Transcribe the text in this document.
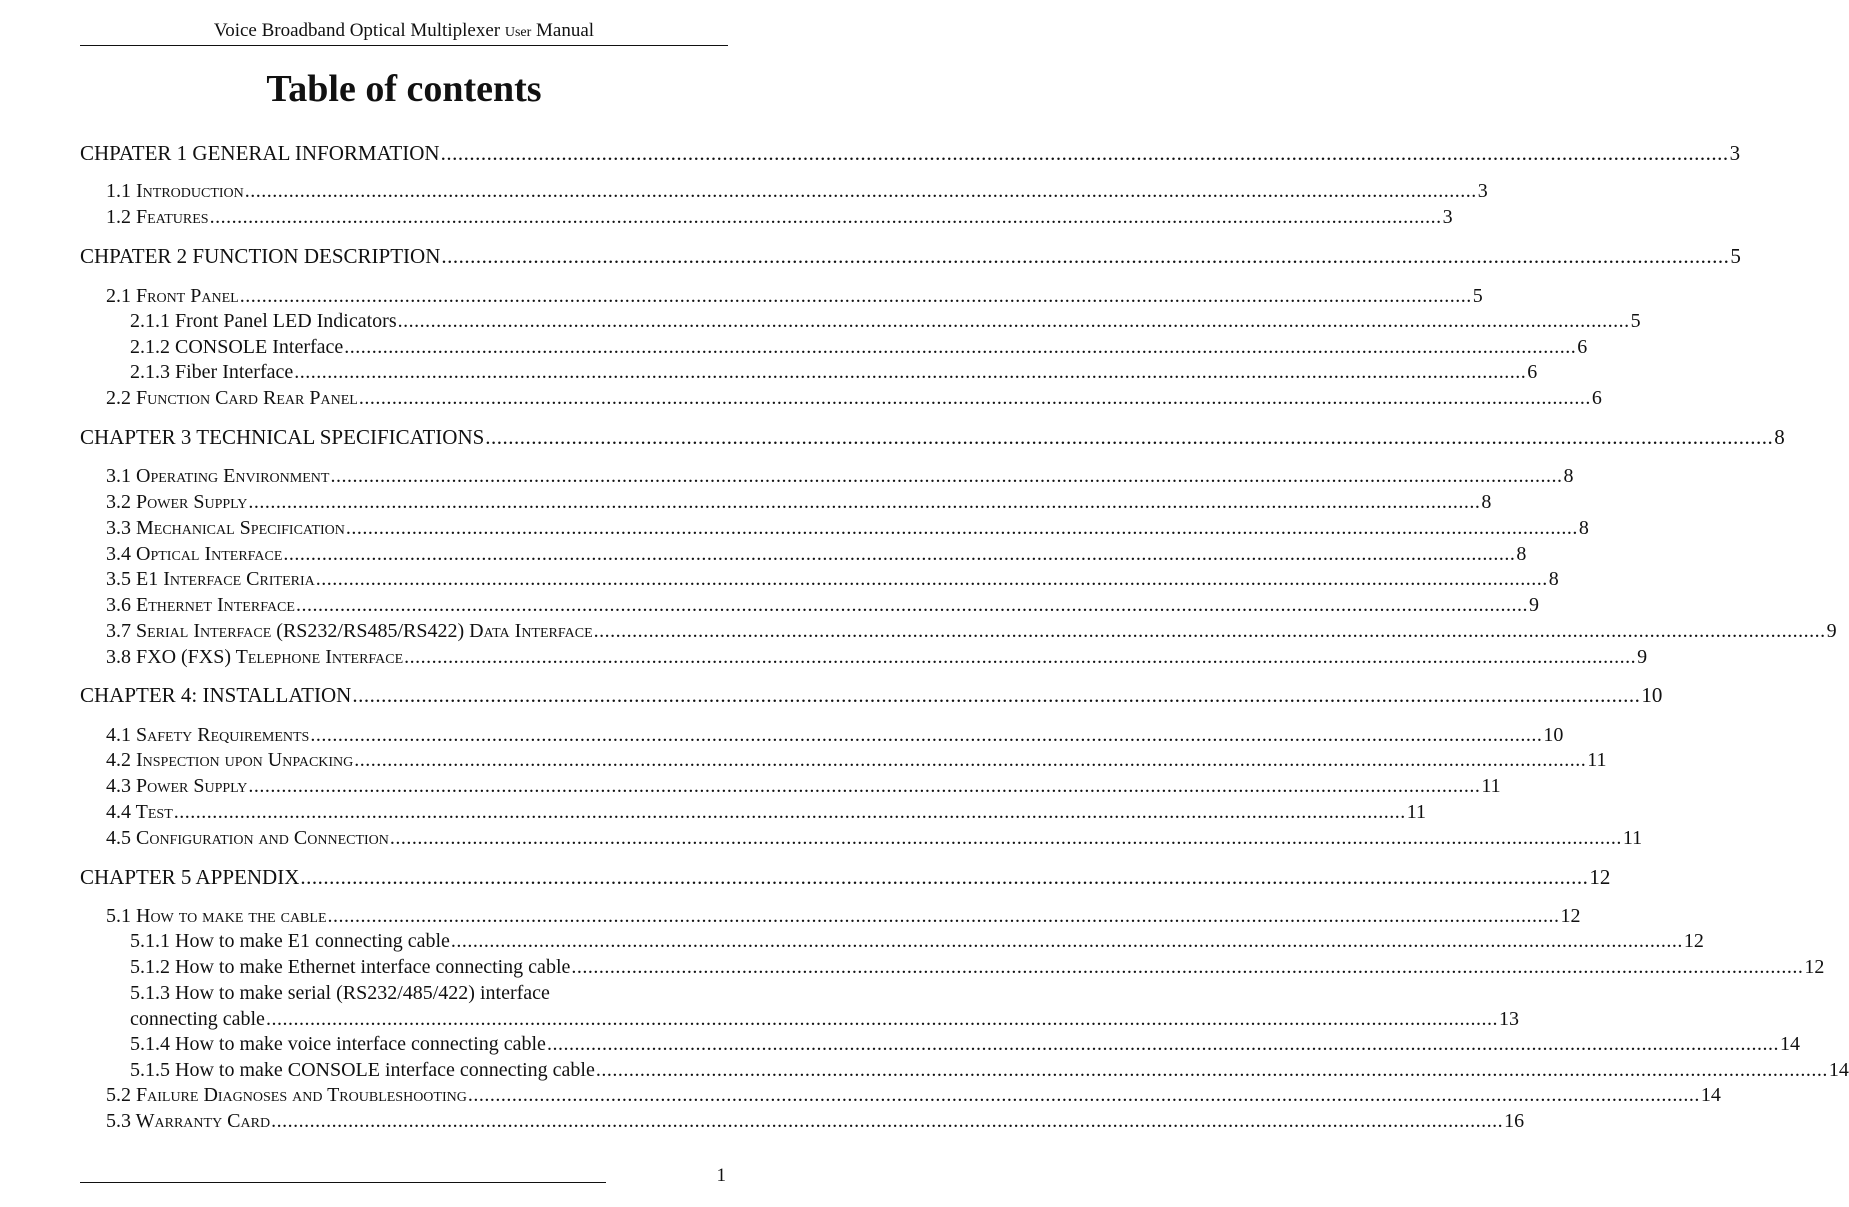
Voice Broadband Optical Multiplexer User Manual
Table of contents
CHPATER 1 GENERAL INFORMATION ................................................................................................................................................................................................................................ 3
1.1 Introduction ................................................................................................................................................................................................................................ 3
1.2 Features ................................................................................................................................................................................................................................ 3
CHPATER 2 FUNCTION DESCRIPTION ................................................................................................................................................................................................................................ 5
2.1 Front Panel ................................................................................................................................................................................................................................ 5
2.1.1 Front Panel LED Indicators ................................................................................................................................................................................................................................ 5
2.1.2 CONSOLE Interface ................................................................................................................................................................................................................................ 6
2.1.3 Fiber Interface ................................................................................................................................................................................................................................ 6
2.2 Function Card Rear Panel ................................................................................................................................................................................................................................ 6
CHAPTER 3 TECHNICAL SPECIFICATIONS ................................................................................................................................................................................................................................ 8
3.1 Operating Environment ................................................................................................................................................................................................................................ 8
3.2 Power Supply ................................................................................................................................................................................................................................ 8
3.3 Mechanical Specification ................................................................................................................................................................................................................................ 8
3.4 Optical Interface ................................................................................................................................................................................................................................ 8
3.5 E1 Interface Criteria ................................................................................................................................................................................................................................ 8
3.6 Ethernet Interface ................................................................................................................................................................................................................................ 9
3.7 Serial Interface (RS232/RS485/RS422) Data Interface ................................................................................................................................................................................................................................ 9
3.8 FXO (FXS) Telephone Interface ................................................................................................................................................................................................................................ 9
CHAPTER 4: INSTALLATION ................................................................................................................................................................................................................................ 10
4.1 Safety Requirements ................................................................................................................................................................................................................................ 10
4.2 Inspection upon Unpacking ................................................................................................................................................................................................................................ 11
4.3 Power Supply ................................................................................................................................................................................................................................ 11
4.4 Test ................................................................................................................................................................................................................................ 11
4.5 Configuration and Connection ................................................................................................................................................................................................................................ 11
CHAPTER 5 APPENDIX ................................................................................................................................................................................................................................ 12
5.1 How to make the cable ................................................................................................................................................................................................................................ 12
5.1.1 How to make E1 connecting cable ................................................................................................................................................................................................................................ 12
5.1.2 How to make Ethernet interface connecting cable ................................................................................................................................................................................................................................ 12
5.1.3 How to make serial (RS232/485/422) interface
connecting cable ................................................................................................................................................................................................................................ 13
5.1.4 How to make voice interface connecting cable ................................................................................................................................................................................................................................ 14
5.1.5 How to make CONSOLE interface connecting cable ................................................................................................................................................................................................................................ 14
5.2 Failure Diagnoses and Troubleshooting ................................................................................................................................................................................................................................ 14
5.3 Warranty Card ................................................................................................................................................................................................................................ 16
1
